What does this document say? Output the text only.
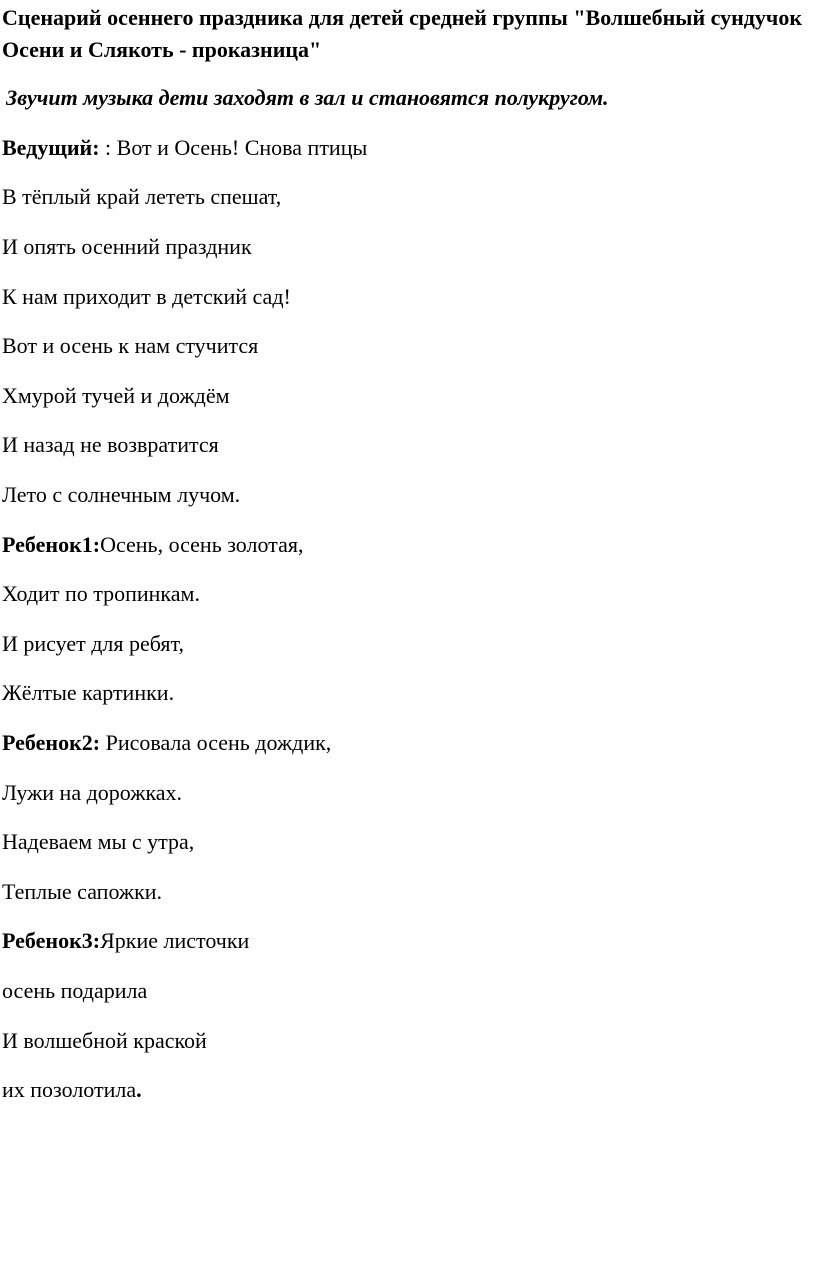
Сценарий осеннего праздника для детей средней группы "Волшебный сундучок Осени и Слякоть - проказница"

Звучит музыка дети заходят в зал и становятся полукругом.

Ведущий: : Вот и Осень! Снова птицы

В тёплый край лететь спешат,

И опять осенний праздник

К нам приходит в детский сад!

Вот и осень к нам стучится

Хмурой тучей и дождём

И назад не возвратится

Лето с солнечным лучом.

Ребенок1:Осень, осень золотая,

Ходит по тропинкам.

И рисует для ребят,

Жёлтые картинки.

Ребенок2: Рисовала осень дождик,

Лужи на дорожках.

Надеваем мы с утра,

Теплые сапожки.

Ребенок3:Яркие листочки

осень подарила

И волшебной краской

их позолотила.
